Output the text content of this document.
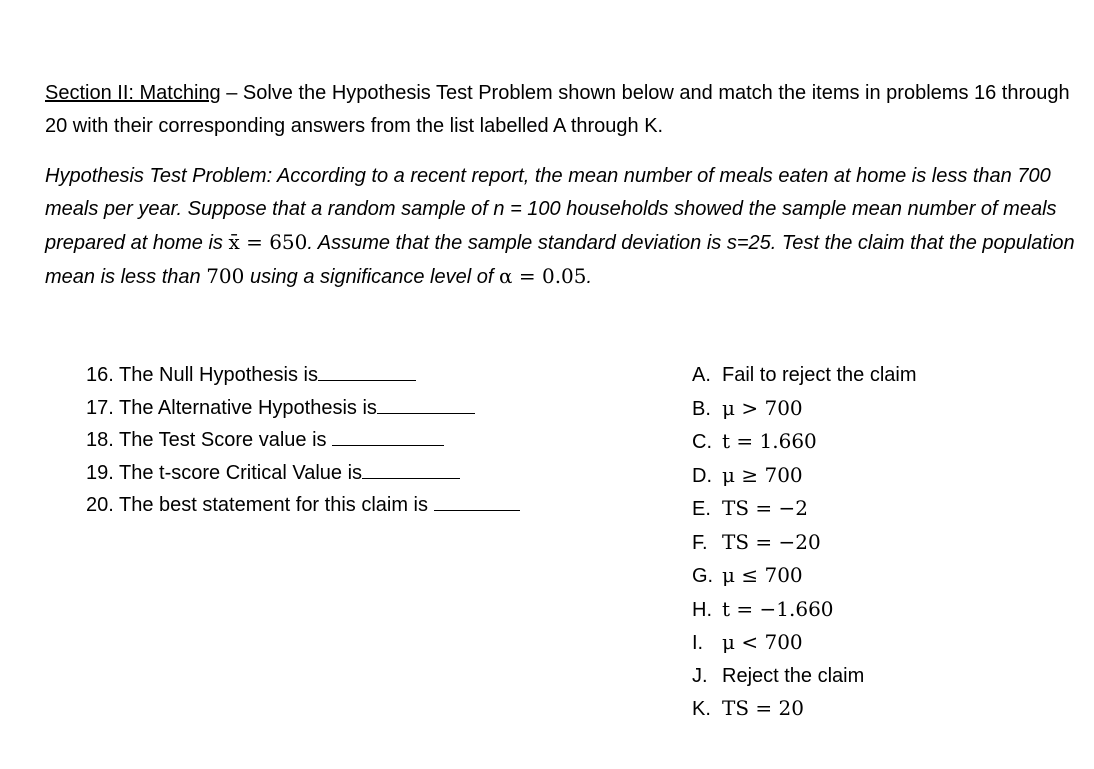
Section II: Matching – Solve the Hypothesis Test Problem shown below and match the items in problems 16 through 20 with their corresponding answers from the list labelled A through K.
Hypothesis Test Problem: According to a recent report, the mean number of meals eaten at home is less than 700 meals per year. Suppose that a random sample of n = 100 households showed the sample mean number of meals prepared at home is x̄ = 650. Assume that the sample standard deviation is s=25. Test the claim that the population mean is less than 700 using a significance level of α = 0.05.
16. The Null Hypothesis is
17. The Alternative Hypothesis is
18. The Test Score value is
19. The t-score Critical Value is
20. The best statement for this claim is
A. Fail to reject the claim
B. μ > 700
C. t = 1.660
D. μ ≥ 700
E. TS = −2
F. TS = −20
G. μ ≤ 700
H. t = −1.660
I. μ < 700
J. Reject the claim
K. TS = 20
